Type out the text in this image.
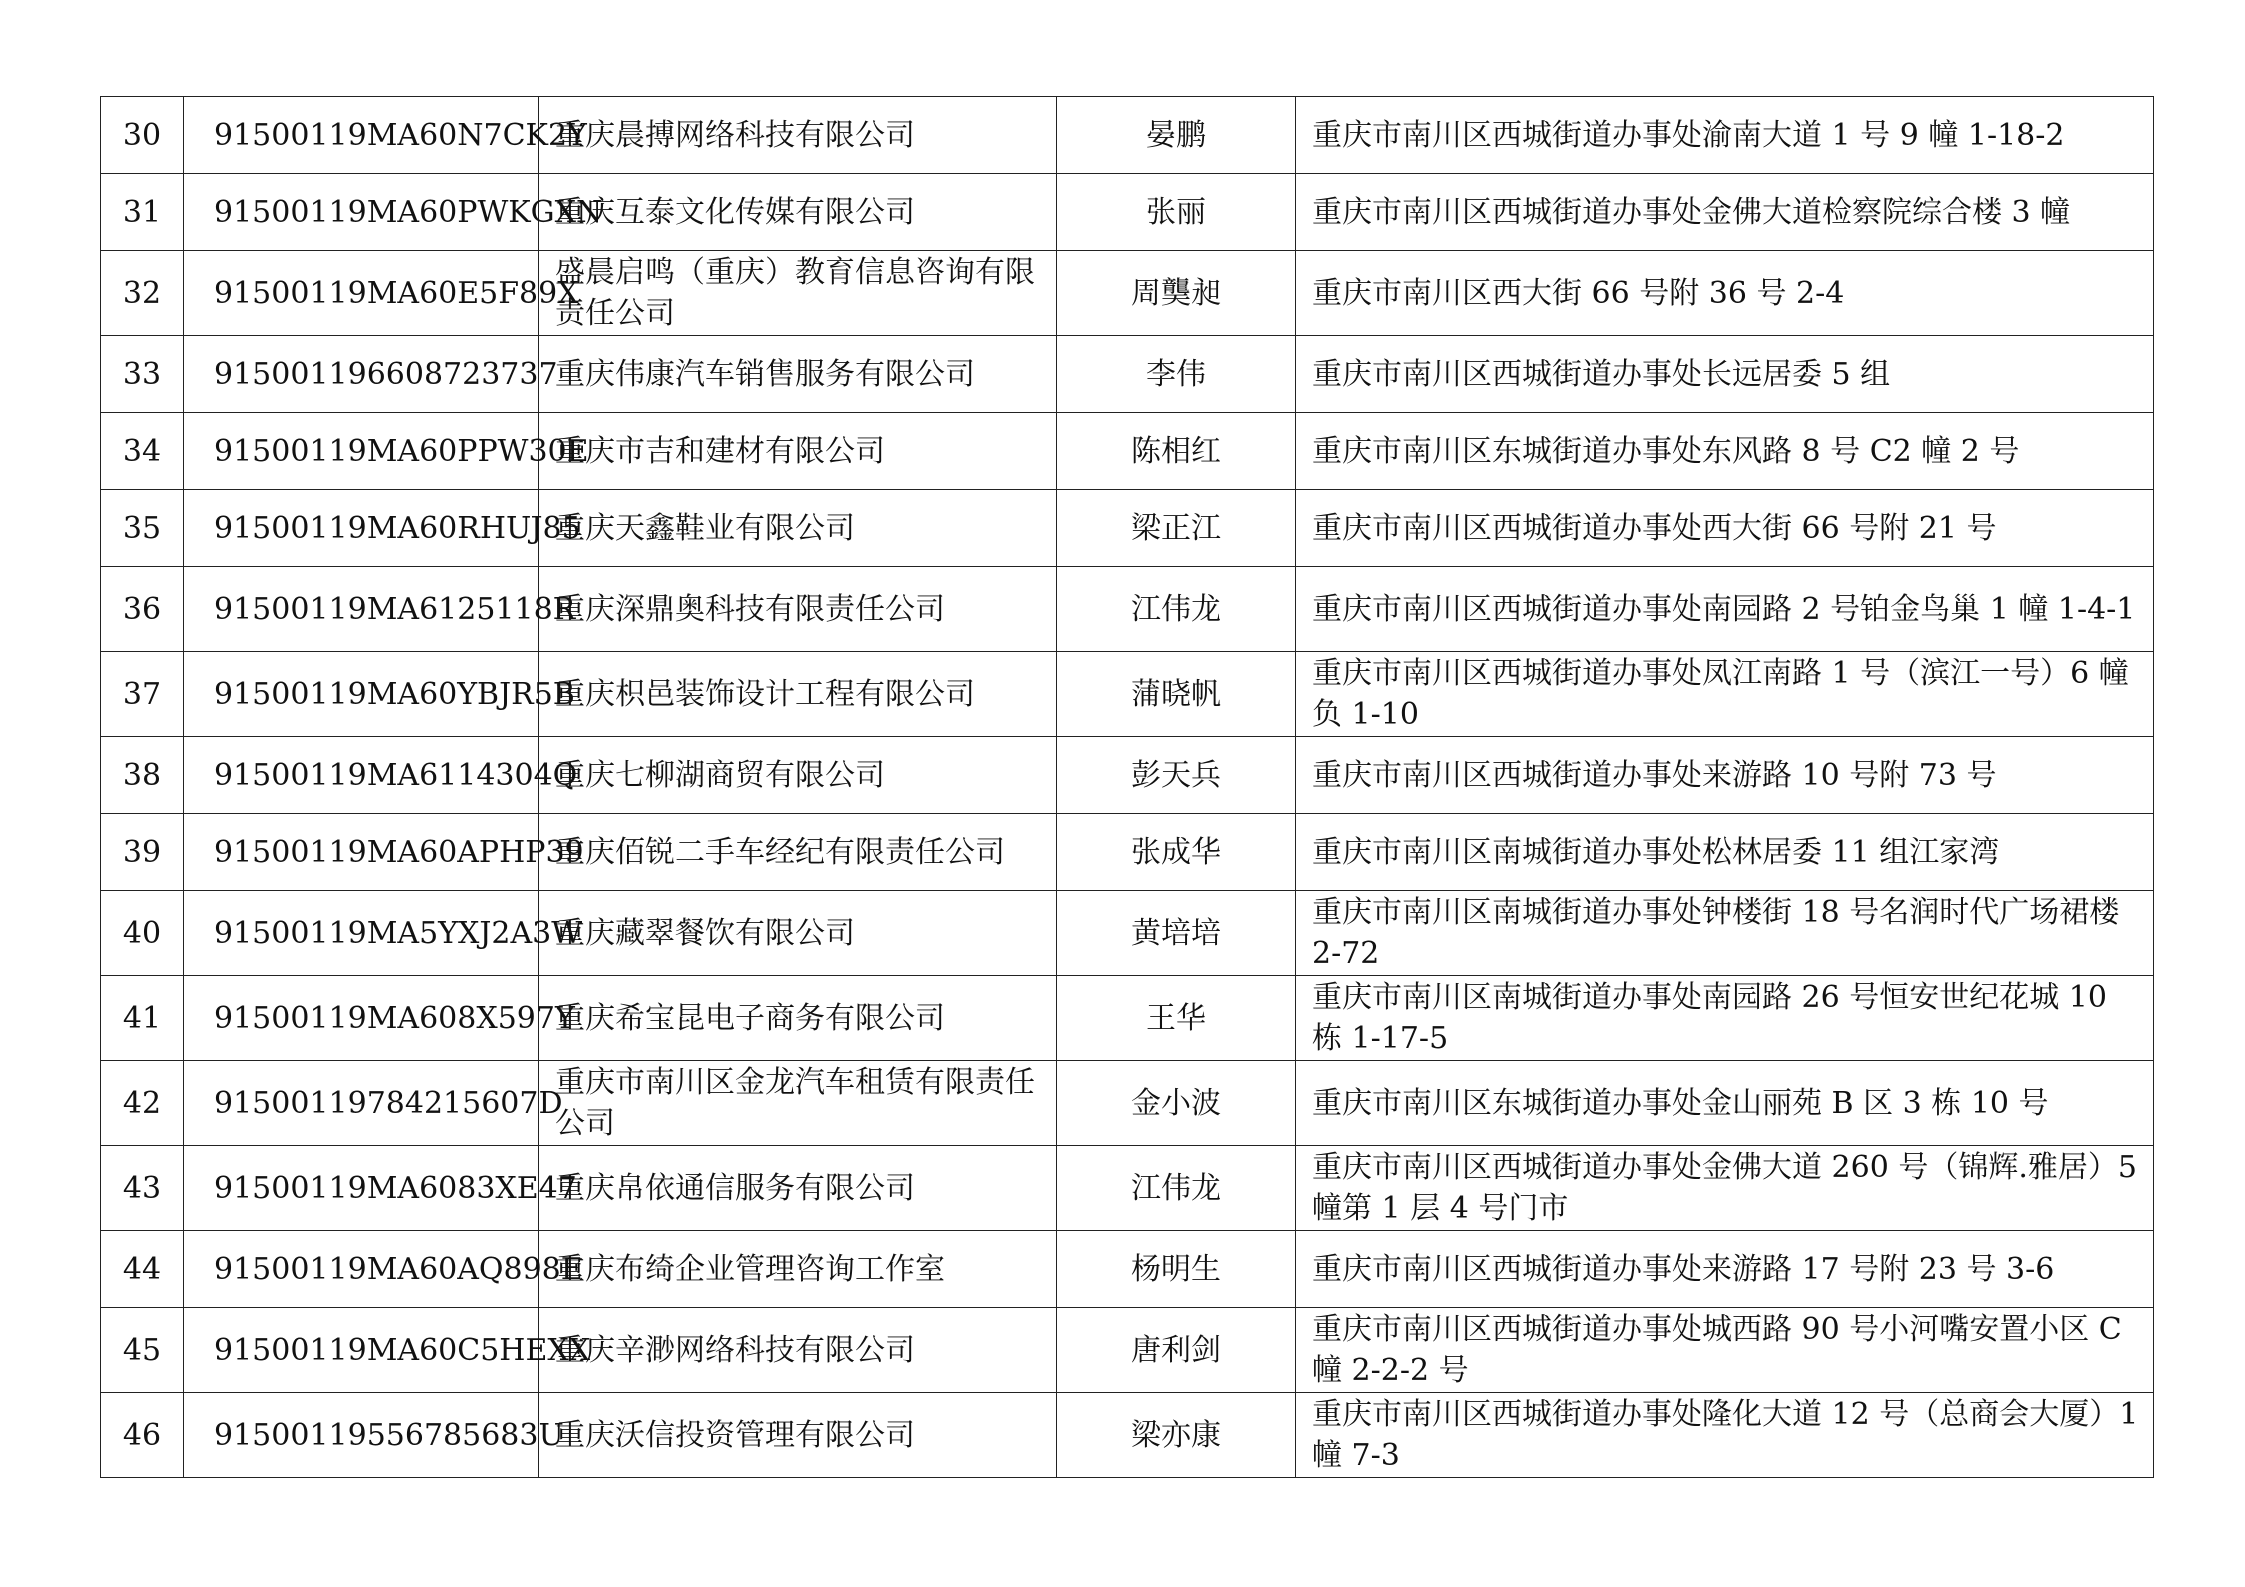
30	91500119MA60N7CK2Y	重庆晨搏网络科技有限公司	晏鹏	重庆市南川区西城街道办事处渝南大道 1 号 9 幢 1-18-2
31	91500119MA60PWKGXN	重庆互泰文化传媒有限公司	张丽	重庆市南川区西城街道办事处金佛大道检察院综合楼 3 幢
32	91500119MA60E5F89X	盛晨启鸣（重庆）教育信息咨询有限责任公司	周龑昶	重庆市南川区西大街 66 号附 36 号 2-4
33	915001196608723737	重庆伟康汽车销售服务有限公司	李伟	重庆市南川区西城街道办事处长远居委 5 组
34	91500119MA60PPW30E	重庆市吉和建材有限公司	陈相红	重庆市南川区东城街道办事处东风路 8 号 C2 幢 2 号
35	91500119MA60RHUJ85	重庆天鑫鞋业有限公司	梁正江	重庆市南川区西城街道办事处西大街 66 号附 21 号
36	91500119MA6125118R	重庆深鼎奥科技有限责任公司	江伟龙	重庆市南川区西城街道办事处南园路 2 号铂金鸟巢 1 幢 1-4-1
37	91500119MA60YBJR5B	重庆枳邑装饰设计工程有限公司	蒲晓帆	重庆市南川区西城街道办事处凤江南路 1 号（滨江一号）6 幢负 1-10
38	91500119MA6114304Q	重庆七柳湖商贸有限公司	彭天兵	重庆市南川区西城街道办事处来游路 10 号附 73 号
39	91500119MA60APHP39	重庆佰锐二手车经纪有限责任公司	张成华	重庆市南川区南城街道办事处松林居委 11 组江家湾
40	91500119MA5YXJ2A3W	重庆藏翠餐饮有限公司	黄培培	重庆市南川区南城街道办事处钟楼街 18 号名润时代广场裙楼 2-72
41	91500119MA608X597Y	重庆希宝昆电子商务有限公司	王华	重庆市南川区南城街道办事处南园路 26 号恒安世纪花城 10 栋 1-17-5
42	91500119784215607D	重庆市南川区金龙汽车租赁有限责任公司	金小波	重庆市南川区东城街道办事处金山丽苑 B 区 3 栋 10 号
43	91500119MA6083XE47	重庆帛依通信服务有限公司	江伟龙	重庆市南川区西城街道办事处金佛大道 260 号（锦辉.雅居）5 幢第 1 层 4 号门市
44	91500119MA60AQ898E	重庆布绮企业管理咨询工作室	杨明生	重庆市南川区西城街道办事处来游路 17 号附 23 号 3-6
45	91500119MA60C5HEXX	重庆辛渺网络科技有限公司	唐利剑	重庆市南川区西城街道办事处城西路 90 号小河嘴安置小区 C 幢 2-2-2 号
46	91500119556785683U	重庆沃信投资管理有限公司	梁亦康	重庆市南川区西城街道办事处隆化大道 12 号（总商会大厦）1 幢 7-3
